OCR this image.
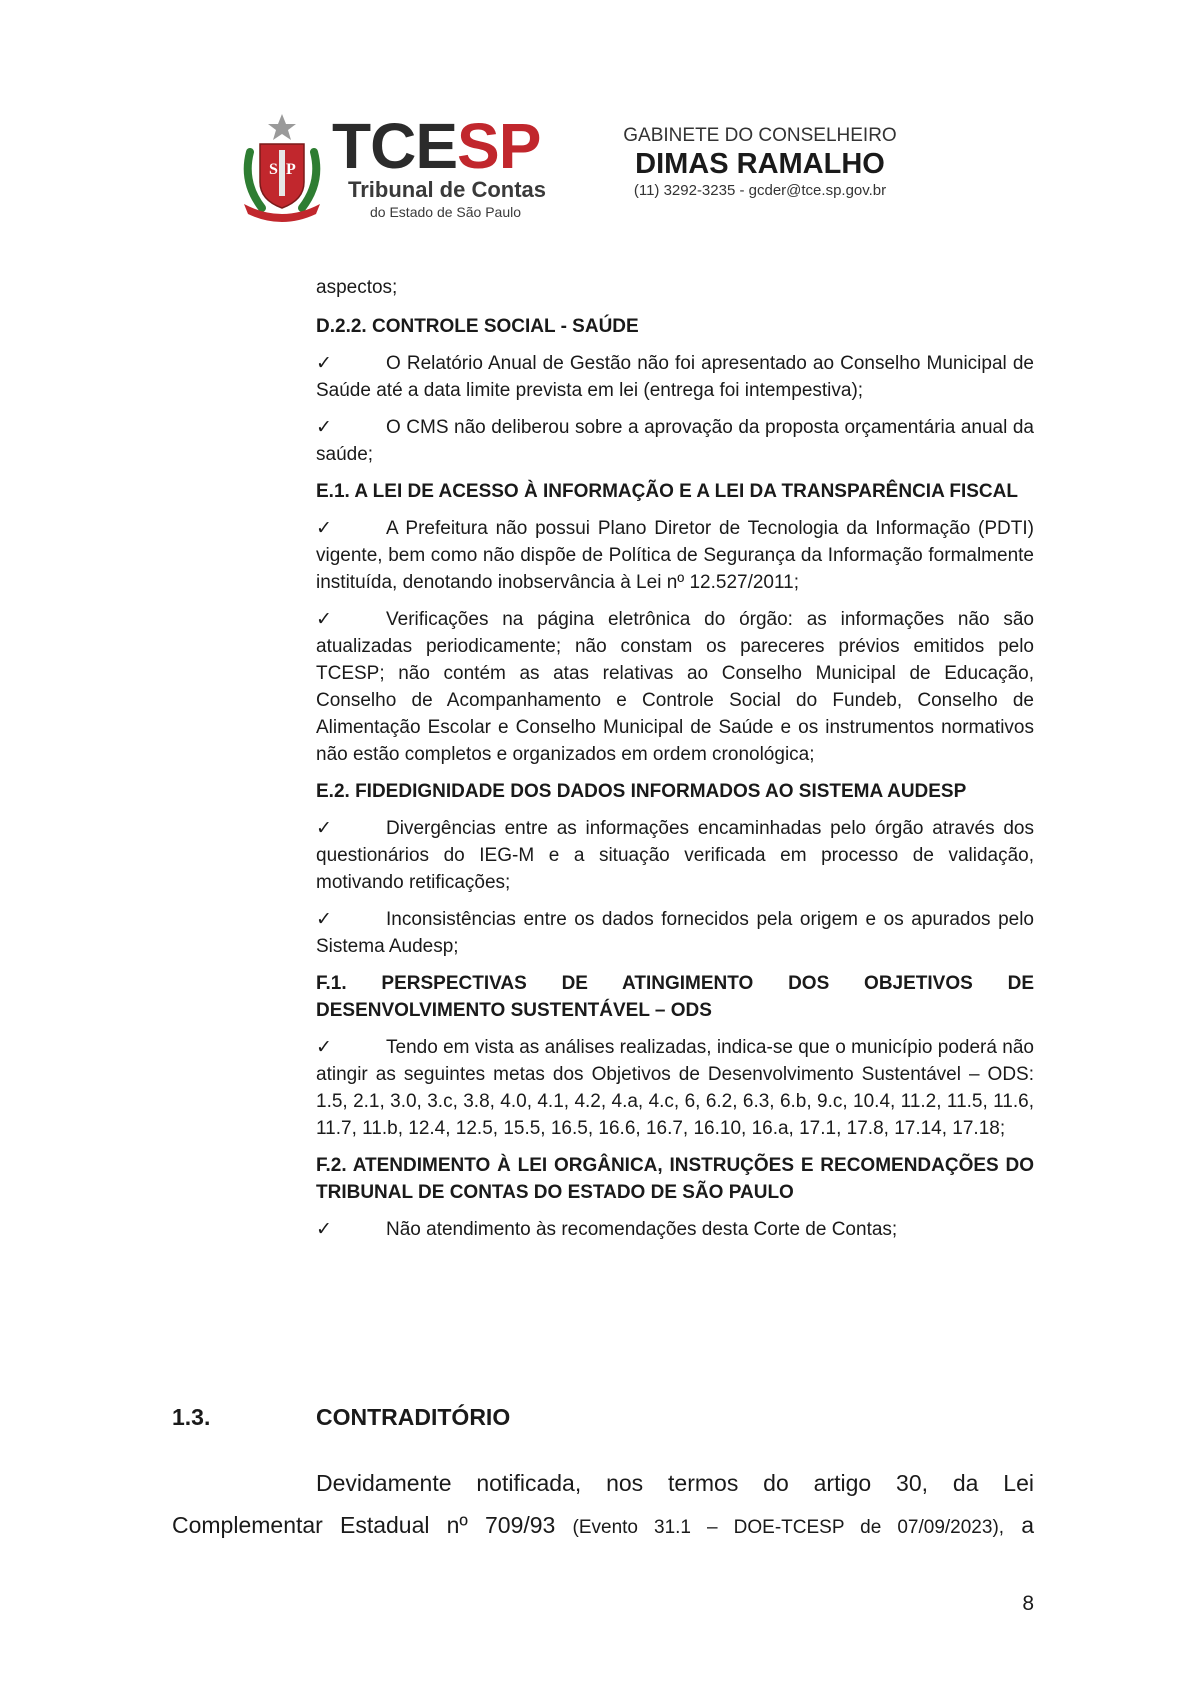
S P TCESP
Tribunal de Contas
do Estado de São Paulo
GABINETE DO CONSELHEIRO
DIMAS RAMALHO
(11) 3292-3235 - gcder@tce.sp.gov.br

aspectos;

D.2.2. CONTROLE SOCIAL - SAÚDE

✓	O Relatório Anual de Gestão não foi apresentado ao Conselho Municipal de Saúde até a data limite prevista em lei (entrega foi intempestiva);

✓	O CMS não deliberou sobre a aprovação da proposta orçamentária anual da saúde;

E.1. A LEI DE ACESSO À INFORMAÇÃO E A LEI DA TRANSPARÊNCIA FISCAL

✓	A Prefeitura não possui Plano Diretor de Tecnologia da Informação (PDTI) vigente, bem como não dispõe de Política de Segurança da Informação formalmente instituída, denotando inobservância à Lei nº 12.527/2011;

✓	Verificações na página eletrônica do órgão: as informações não são atualizadas periodicamente; não constam os pareceres prévios emitidos pelo TCESP; não contém as atas relativas ao Conselho Municipal de Educação, Conselho de Acompanhamento e Controle Social do Fundeb, Conselho de Alimentação Escolar e Conselho Municipal de Saúde e os instrumentos normativos não estão completos e organizados em ordem cronológica;

E.2. FIDEDIGNIDADE DOS DADOS INFORMADOS AO SISTEMA AUDESP

✓	Divergências entre as informações encaminhadas pelo órgão através dos questionários do IEG-M e a situação verificada em processo de validação, motivando retificações;

✓	Inconsistências entre os dados fornecidos pela origem e os apurados pelo Sistema Audesp;

F.1. PERSPECTIVAS DE ATINGIMENTO DOS OBJETIVOS DE DESENVOLVIMENTO SUSTENTÁVEL – ODS

✓	Tendo em vista as análises realizadas, indica-se que o município poderá não atingir as seguintes metas dos Objetivos de Desenvolvimento Sustentável – ODS: 1.5, 2.1, 3.0, 3.c, 3.8, 4.0, 4.1, 4.2, 4.a, 4.c, 6, 6.2, 6.3, 6.b, 9.c, 10.4, 11.2, 11.5, 11.6, 11.7, 11.b, 12.4, 12.5, 15.5, 16.5, 16.6, 16.7, 16.10, 16.a, 17.1, 17.8, 17.14, 17.18;

F.2. ATENDIMENTO À LEI ORGÂNICA, INSTRUÇÕES E RECOMENDAÇÕES DO TRIBUNAL DE CONTAS DO ESTADO DE SÃO PAULO

✓	Não atendimento às recomendações desta Corte de Contas;

1.3.	CONTRADITÓRIO
Devidamente notificada, nos termos do artigo 30, da Lei
Complementar Estadual nº 709/93 (Evento 31.1 – DOE-TCESP de 07/09/2023), a
8
